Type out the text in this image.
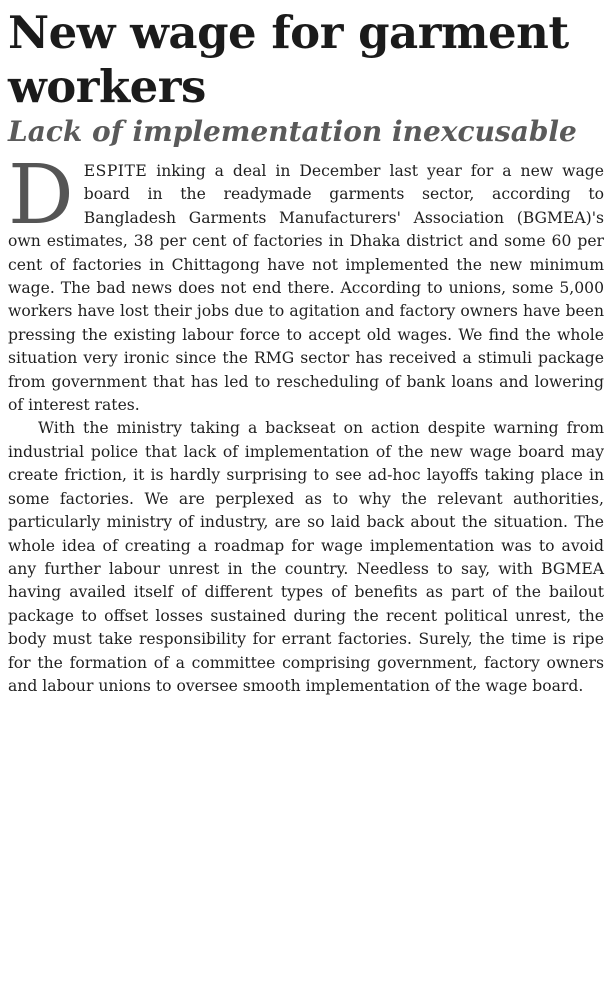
New wage for garment workers
Lack of implementation inexcusable

DESPITE inking a deal in December last year for a new wage board in the readymade garments sector, according to Bangladesh Garments Manufacturers' Association (BGMEA)'s own estimates, 38 per cent of factories in Dhaka district and some 60 per cent of factories in Chittagong have not implemented the new minimum wage. The bad news does not end there. According to unions, some 5,000 workers have lost their jobs due to agitation and factory owners have been pressing the existing labour force to accept old wages. We find the whole situation very ironic since the RMG sector has received a stimuli package from government that has led to rescheduling of bank loans and lowering of interest rates.

With the ministry taking a backseat on action despite warning from industrial police that lack of implementation of the new wage board may create friction, it is hardly surprising to see ad-hoc layoffs taking place in some factories. We are perplexed as to why the relevant authorities, particularly ministry of industry, are so laid back about the situation. The whole idea of creating a roadmap for wage implementation was to avoid any further labour unrest in the country. Needless to say, with BGMEA having availed itself of different types of benefits as part of the bailout package to offset losses sustained during the recent political unrest, the body must take responsibility for errant factories. Surely, the time is ripe for the formation of a committee comprising government, factory owners and labour unions to oversee smooth implementation of the wage board.
